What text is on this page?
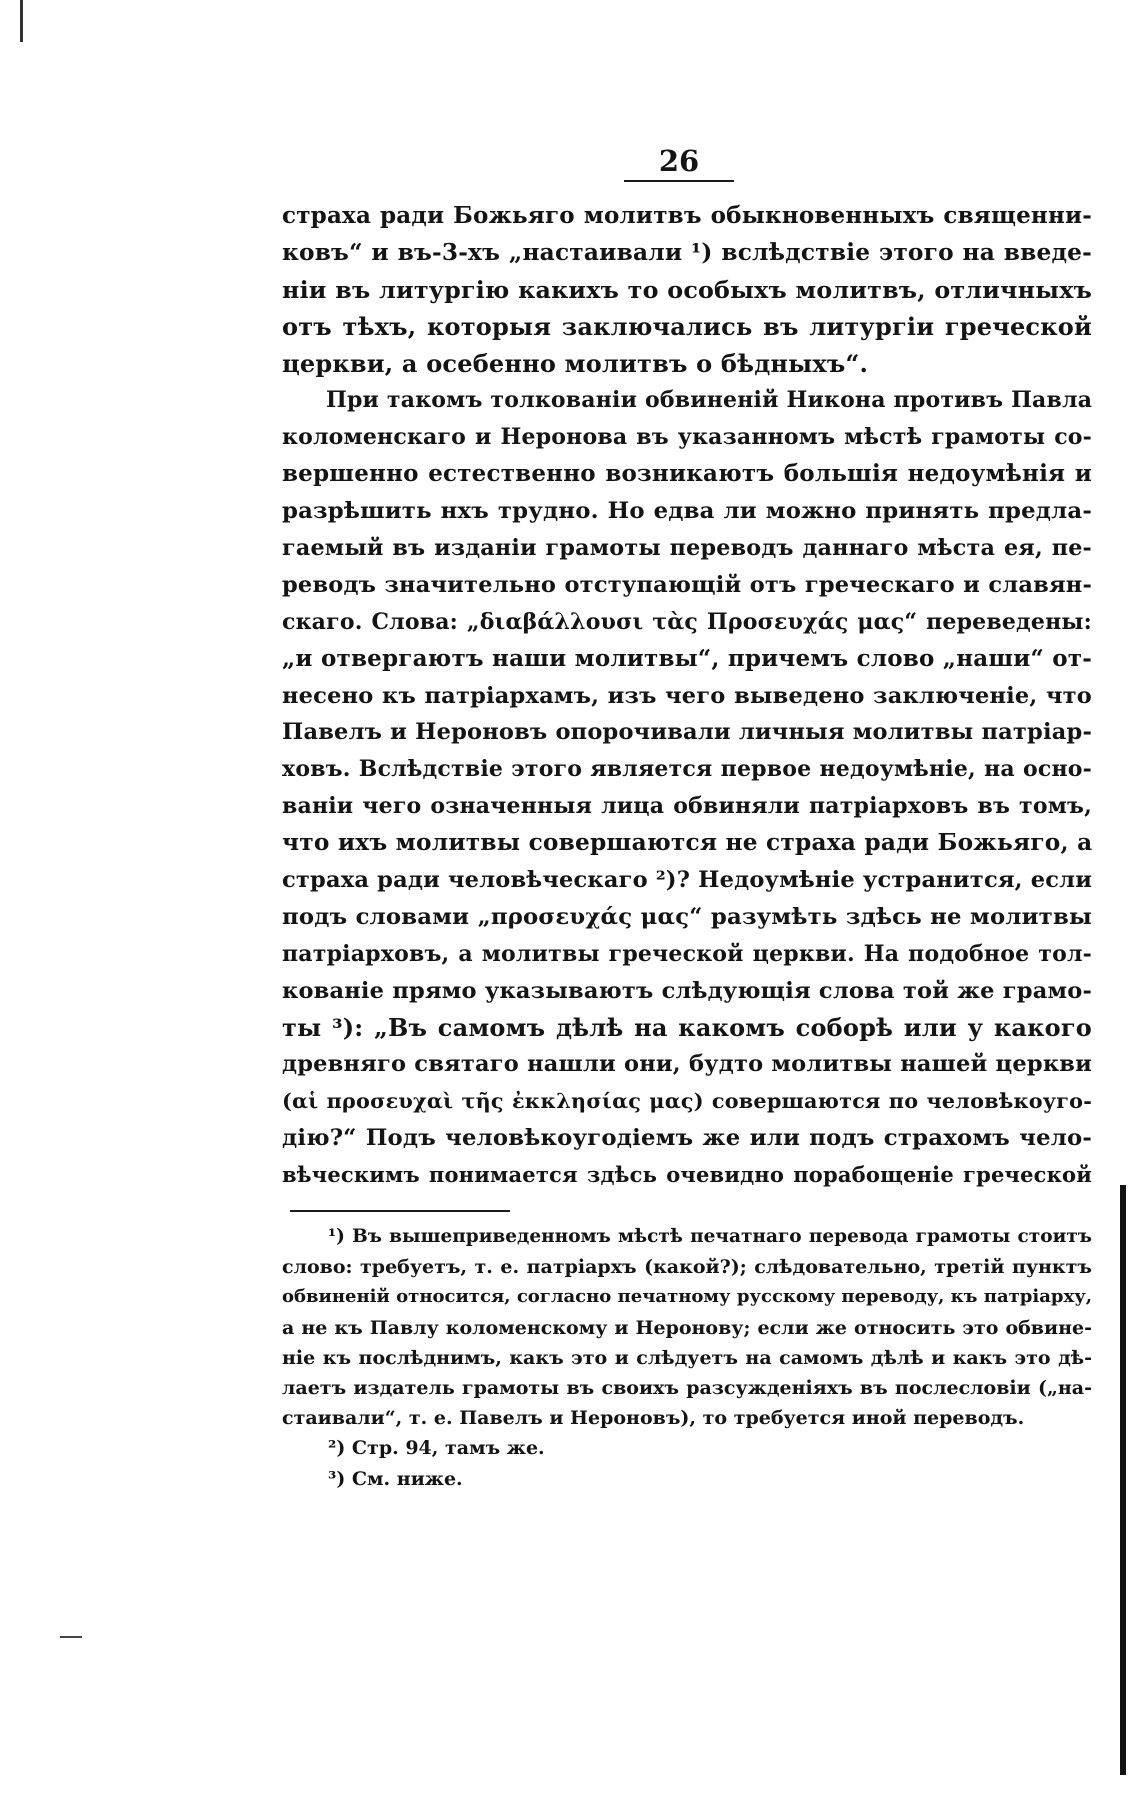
26
страха ради Божьяго молитвъ обыкновенныхъ священни-
ковъ“ и въ-3-хъ „настаивали ¹) вслѣдствіе этого на введе-
ніи въ литургію какихъ то особыхъ молитвъ, отличныхъ
отъ тѣхъ, которыя заключались въ литургіи греческой
церкви, а осебенно молитвъ о бѣдныхъ“.
При такомъ толкованіи обвиненій Никона противъ Павла
коломенскаго и Неронова въ указанномъ мѣстѣ грамоты со-
вершенно естественно возникаютъ большія недоумѣнія и
разрѣшить нхъ трудно. Но едва ли можно принять предла-
гаемый въ изданіи грамоты переводъ даннаго мѣста ея, пе-
реводъ значительно отступающій отъ греческаго и славян-
скаго. Слова: „διαβάλλουσι τὰς Προσευχάς μας“ переведены:
„и отвергаютъ наши молитвы“, причемъ слово „наши“ от-
несено къ патріархамъ, изъ чего выведено заключеніе, что
Павелъ и Нероновъ опорочивали личныя молитвы патріар-
ховъ. Вслѣдствіе этого является первое недоумѣніе, на осно-
ваніи чего означенныя лица обвиняли патріарховъ въ томъ,
что ихъ молитвы совершаются не страха ради Божьяго, а
страха ради человѣческаго ²)? Недоумѣніе устранится, если
подъ словами „προσευχάς μας“ разумѣть здѣсь не молитвы
патріарховъ, а молитвы греческой церкви. На подобное тол-
кованіе прямо указываютъ слѣдующія слова той же грамо-
ты ³): „Въ самомъ дѣлѣ на какомъ соборѣ или у какого
древняго святаго нашли они, будто молитвы нашей церкви
(αἱ προσευχαὶ τῆς ἐκκλησίας μας) совершаются по человѣкоуго-
дію?“ Подъ человѣкоугодіемъ же или подъ страхомъ чело-
вѣческимъ понимается здѣсь очевидно порабощеніе греческой
¹) Въ вышеприведенномъ мѣстѣ печатнаго перевода грамоты стоитъ
слово: требуетъ, т. е. патріархъ (какой?); слѣдовательно, третій пунктъ
обвиненій относится, согласно печатному русскому переводу, къ патріарху,
а не къ Павлу коломенскому и Неронову; если же относить это обвине-
ніе къ послѣднимъ, какъ это и слѣдуетъ на самомъ дѣлѣ и какъ это дѣ-
лаетъ издатель грамоты въ своихъ разсужденіяхъ въ послесловіи („на-
стаивали“, т. е. Павелъ и Нероновъ), то требуется иной переводъ.
²) Стр. 94, тамъ же.
³) См. ниже.
